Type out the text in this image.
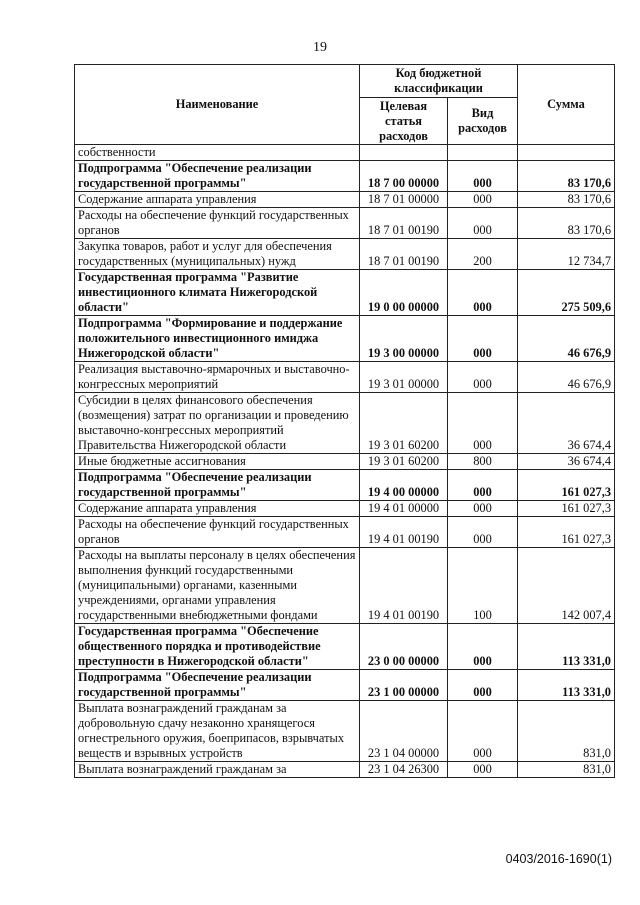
19
Наименование	Код бюджетной классификации		Сумма
	Целевая статья расходов	Вид расходов	
собственности			
Подпрограмма "Обеспечение реализации государственной программы"	18 7 00 00000	000	83 170,6
Содержание аппарата управления	18 7 01 00000	000	83 170,6
Расходы на обеспечение функций государственных органов	18 7 01 00190	000	83 170,6
Закупка товаров, работ и услуг для обеспечения государственных (муниципальных) нужд	18 7 01 00190	200	12 734,7
Государственная программа "Развитие инвестиционного климата Нижегородской области"	19 0 00 00000	000	275 509,6
Подпрограмма "Формирование и поддержание положительного инвестиционного имиджа Нижегородской области"	19 3 00 00000	000	46 676,9
Реализация выставочно-ярмарочных и выставочно-конгрессных мероприятий	19 3 01 00000	000	46 676,9
Субсидии в целях финансового обеспечения (возмещения) затрат по организации и проведению выставочно-конгрессных мероприятий Правительства Нижегородской области	19 3 01 60200	000	36 674,4
Иные бюджетные ассигнования	19 3 01 60200	800	36 674,4
Подпрограмма "Обеспечение реализации государственной программы"	19 4 00 00000	000	161 027,3
Содержание аппарата управления	19 4 01 00000	000	161 027,3
Расходы на обеспечение функций государственных органов	19 4 01 00190	000	161 027,3
Расходы на выплаты персоналу в целях обеспечения выполнения функций государственными (муниципальными) органами, казенными учреждениями, органами управления государственными внебюджетными фондами	19 4 01 00190	100	142 007,4
Государственная программа "Обеспечение общественного порядка и противодействие преступности в Нижегородской области"	23 0 00 00000	000	113 331,0
Подпрограмма "Обеспечение реализации государственной программы"	23 1 00 00000	000	113 331,0
Выплата вознаграждений гражданам за добровольную сдачу незаконно хранящегося огнестрельного оружия, боеприпасов, взрывчатых веществ и взрывных устройств	23 1 04 00000	000	831,0
Выплата вознаграждений гражданам за	23 1 04 26300	000	831,0
0403/2016-1690(1)
